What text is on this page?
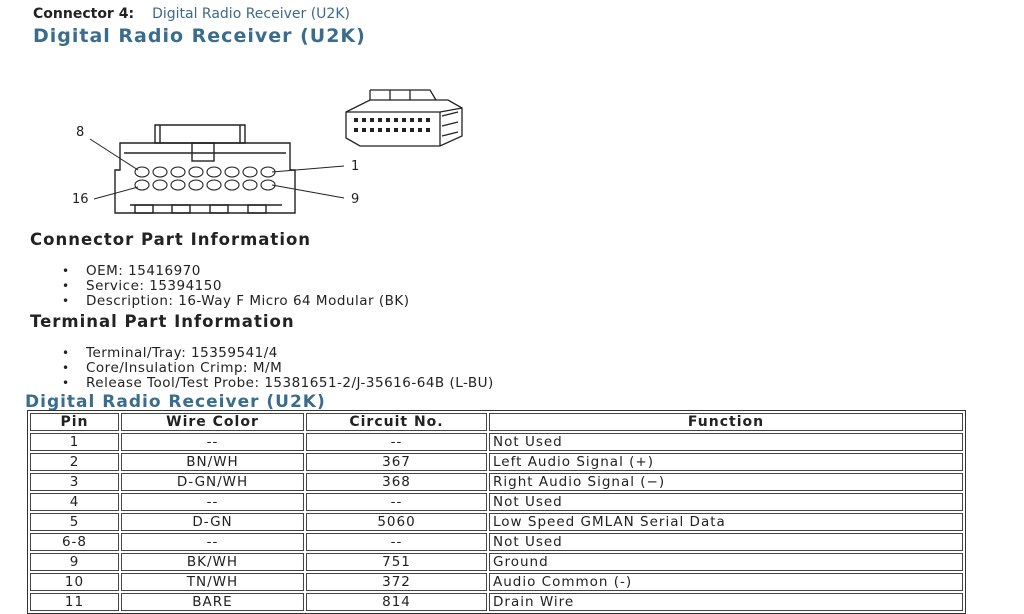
Connector 4: Digital Radio Receiver (U2K)
Digital Radio Receiver (U2K)
8
1
16	9
Connector Part Information
• OEM: 15416970
• Service: 15394150
• Description: 16-Way F Micro 64 Modular (BK)
Terminal Part Information
• Terminal/Tray: 15359541/4
• Core/Insulation Crimp: M/M
• Release Tool/Test Probe: 15381651-2/J-35616-64B (L-BU)
Digital Radio Receiver (U2K)
Pin	Wire Color	Circuit No.	Function
1	--	--	Not Used
2	BN/WH	367	Left Audio Signal (+)
3	D-GN/WH	368	Right Audio Signal (−)
4	--	--	Not Used
5	D-GN	5060	Low Speed GMLAN Serial Data
6-8	--	--	Not Used
9	BK/WH	751	Ground
10	TN/WH	372	Audio Common (-)
11	BARE	814	Drain Wire
